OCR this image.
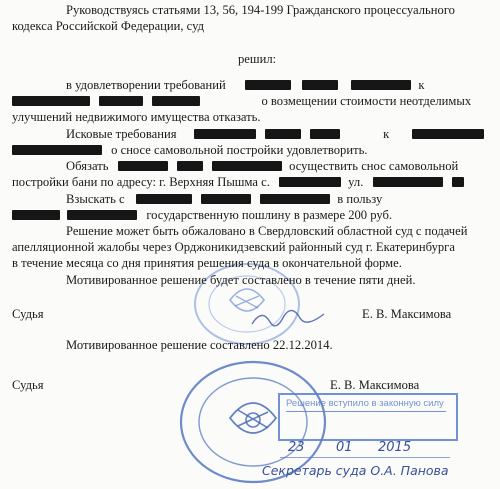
Решение вступило в законную силу
23 01 2015
Секретарь суда О.А. Панова
Руководствуясь статьями 13, 56, 194-199 Гражданского процессуального
кодекса Российской Федерации, суд
решил:
в удовлетворении требований	к
о возмещении стоимости неотделимых
улучшений недвижимого имущества отказать.
Исковые требования	к
о сносе самовольной постройки удовлетворить.
Обязать	осуществить снос самовольной
постройки бани по адресу: г. Верхняя Пышма с.	ул.
Взыскать с	в пользу
государственную пошлину в размере 200 руб.
Решение может быть обжаловано в Свердловский областной суд с подачей
апелляционной жалобы через Орджоникидзевский районный суд г. Екатеринбурга
в течение месяца со дня принятия решения суда в окончательной форме.
Мотивированное решение будет составлено в течение пяти дней.
Судья	Е. В. Максимова
Мотивированное решение составлено 22.12.2014.
Судья	Е. В. Максимова
